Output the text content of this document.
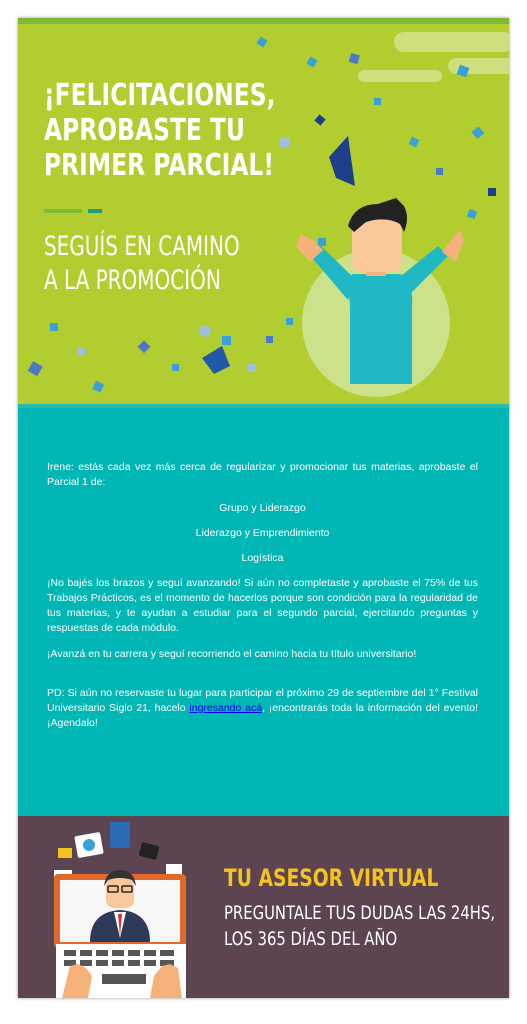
¡FELICITACIONES,
APROBASTE TU
PRIMER PARCIAL!
SEGUÍS EN CAMINO
A LA PROMOCIÓN

Irene: estás cada vez más cerca de regularizar y promocionar tus materias, aprobaste el Parcial 1 de:

Grupo y Liderazgo

Liderazgo y Emprendimiento

Logística

¡No bajés los brazos y seguí avanzando! Si aún no completaste y aprobaste el 75% de tus Trabajos Prácticos, es el momento de hacerlos porque son condición para la regularidad de tus materias, y te ayudan a estudiar para el segundo parcial, ejercitando preguntas y respuestas de cada módulo.

¡Avanzá en tu carrera y seguí recorriendo el camino hacia tu título universitario!

PD: Si aún no reservaste tu lugar para participar el próximo 29 de septiembre del 1° Festival Universitario Siglo 21, hacelo ingresando acá, ¡encontrarás toda la información del evento! ¡Agendalo!

TU ASESOR VIRTUAL
PREGUNTALE TUS DUDAS LAS 24HS,
LOS 365 DÍAS DEL AÑO
